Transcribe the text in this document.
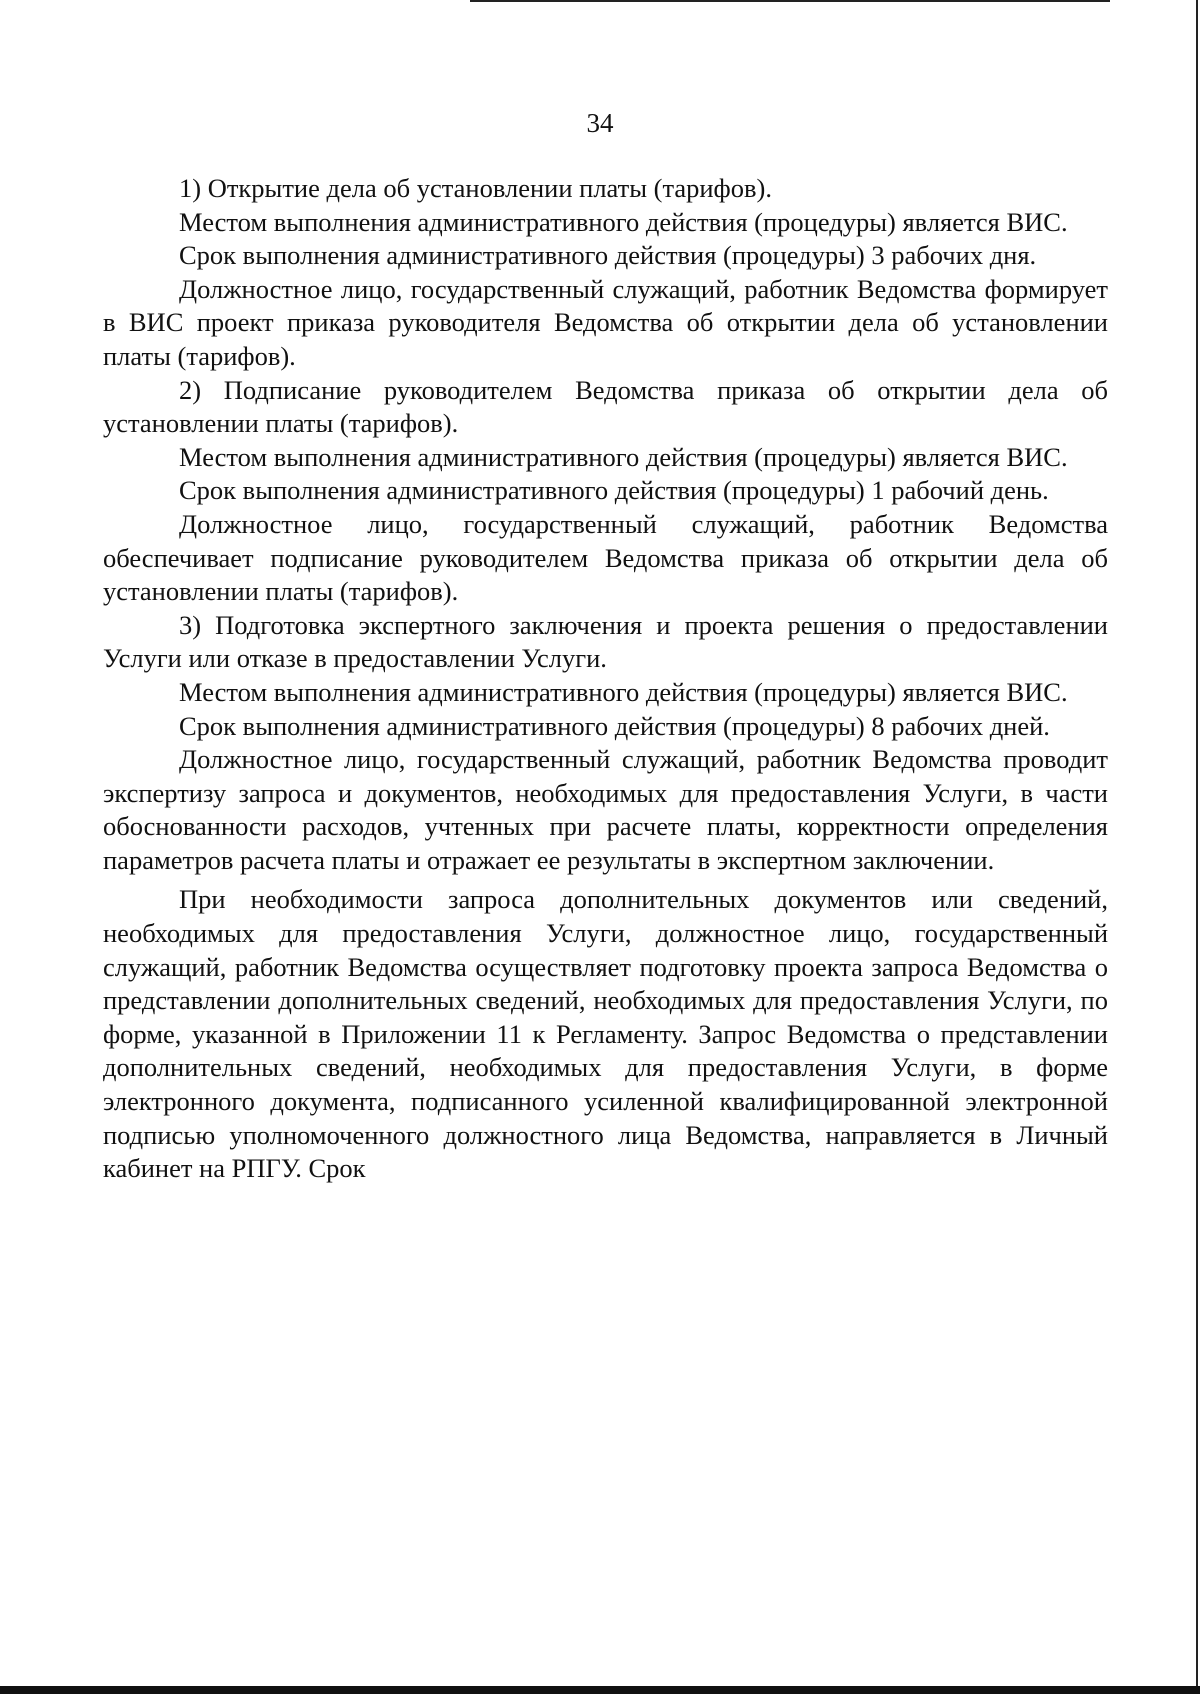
34

1) Открытие дела об установлении платы (тарифов).

Местом выполнения административного действия (процедуры) является ВИС.

Срок выполнения административного действия (процедуры) 3 рабочих дня.

Должностное лицо, государственный служащий, работник Ведомства формирует в ВИС проект приказа руководителя Ведомства об открытии дела об установлении платы (тарифов).

2) Подписание руководителем Ведомства приказа об открытии дела об установлении платы (тарифов).

Местом выполнения административного действия (процедуры) является ВИС.

Срок выполнения административного действия (процедуры) 1 рабочий день.

Должностное лицо, государственный служащий, работник Ведомства обеспечивает подписание руководителем Ведомства приказа об открытии дела об установлении платы (тарифов).

3) Подготовка экспертного заключения и проекта решения о предоставлении Услуги или отказе в предоставлении Услуги.

Местом выполнения административного действия (процедуры) является ВИС.

Срок выполнения административного действия (процедуры) 8 рабочих дней.

Должностное лицо, государственный служащий, работник Ведомства проводит экспертизу запроса и документов, необходимых для предоставления Услуги, в части обоснованности расходов, учтенных при расчете платы, корректности определения параметров расчета платы и отражает ее результаты в экспертном заключении.

При необходимости запроса дополнительных документов или сведений, необходимых для предоставления Услуги, должностное лицо, государственный служащий, работник Ведомства осуществляет подготовку проекта запроса Ведомства о представлении дополнительных сведений, необходимых для предоставления Услуги, по форме, указанной в Приложении 11 к Регламенту. Запрос Ведомства о представлении дополнительных сведений, необходимых для предоставления Услуги, в форме электронного документа, подписанного усиленной квалифицированной электронной подписью уполномоченного должностного лица Ведомства, направляется в Личный кабинет на РПГУ. Срок
